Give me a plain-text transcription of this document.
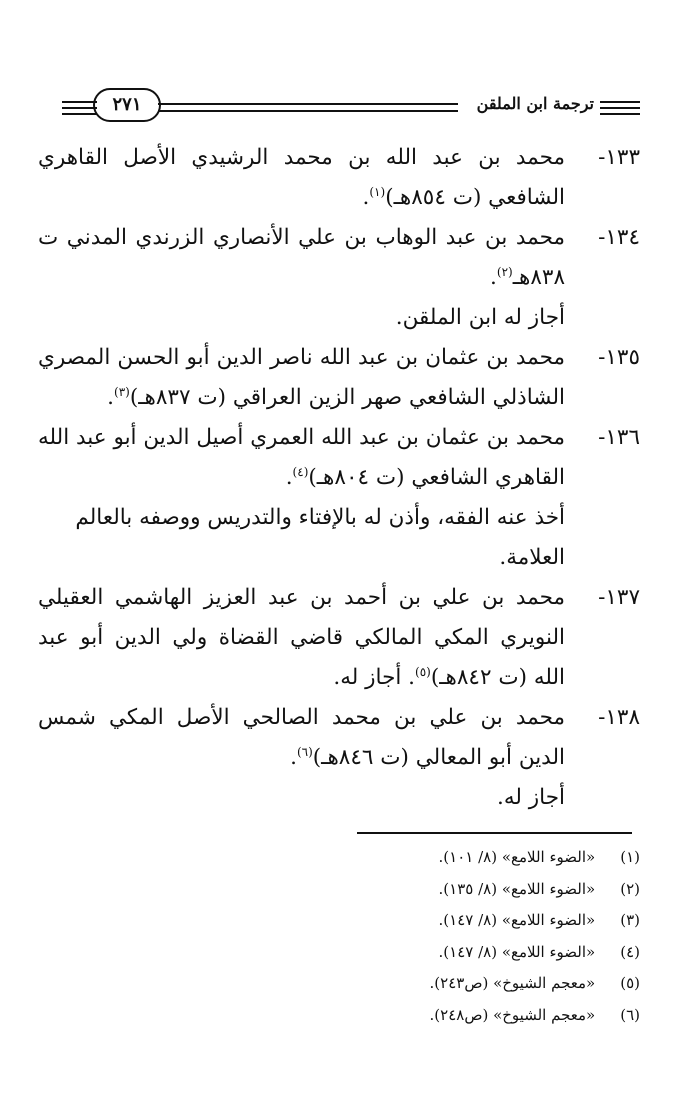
ترجمة ابن الملقن
٢٧١
١٣٣-
محمد بن عبد الله بن محمد الرشيدي الأصل القاهري الشافعي (ت ٨٥٤هـ)$^{(١)}$.
١٣٤-
محمد بن عبد الوهاب بن علي الأنصاري الزرندي المدني ت ٨٣٨هـ$^{(٢)}$.

أجاز له ابن الملقن.

١٣٥-
محمد بن عثمان بن عبد الله ناصر الدين أبو الحسن المصري الشاذلي الشافعي صهر الزين العراقي (ت ٨٣٧هـ)$^{(٣)}$.
١٣٦-
محمد بن عثمان بن عبد الله العمري أصيل الدين أبو عبد الله القاهري الشافعي (ت ٨٠٤هـ)$^{(٤)}$.

أخذ عنه الفقه، وأذن له بالإفتاء والتدريس ووصفه بالعالم العلامة.

١٣٧-
محمد بن علي بن أحمد بن عبد العزيز الهاشمي العقيلي النويري المكي المالكي قاضي القضاة ولي الدين أبو عبد الله (ت ٨٤٢هـ)$^{(٥)}$. أجاز له.
١٣٨-
محمد بن علي بن محمد الصالحي الأصل المكي شمس الدين أبو المعالي (ت ٨٤٦هـ)$^{(٦)}$.

أجاز له.

(١) «الضوء اللامع» (٨/ ١٠١).
(٢) «الضوء اللامع» (٨/ ١٣٥).
(٣) «الضوء اللامع» (٨/ ١٤٧).
(٤) «الضوء اللامع» (٨/ ١٤٧).
(٥) «معجم الشيوخ» (ص٢٤٣).
(٦) «معجم الشيوخ» (ص٢٤٨).
